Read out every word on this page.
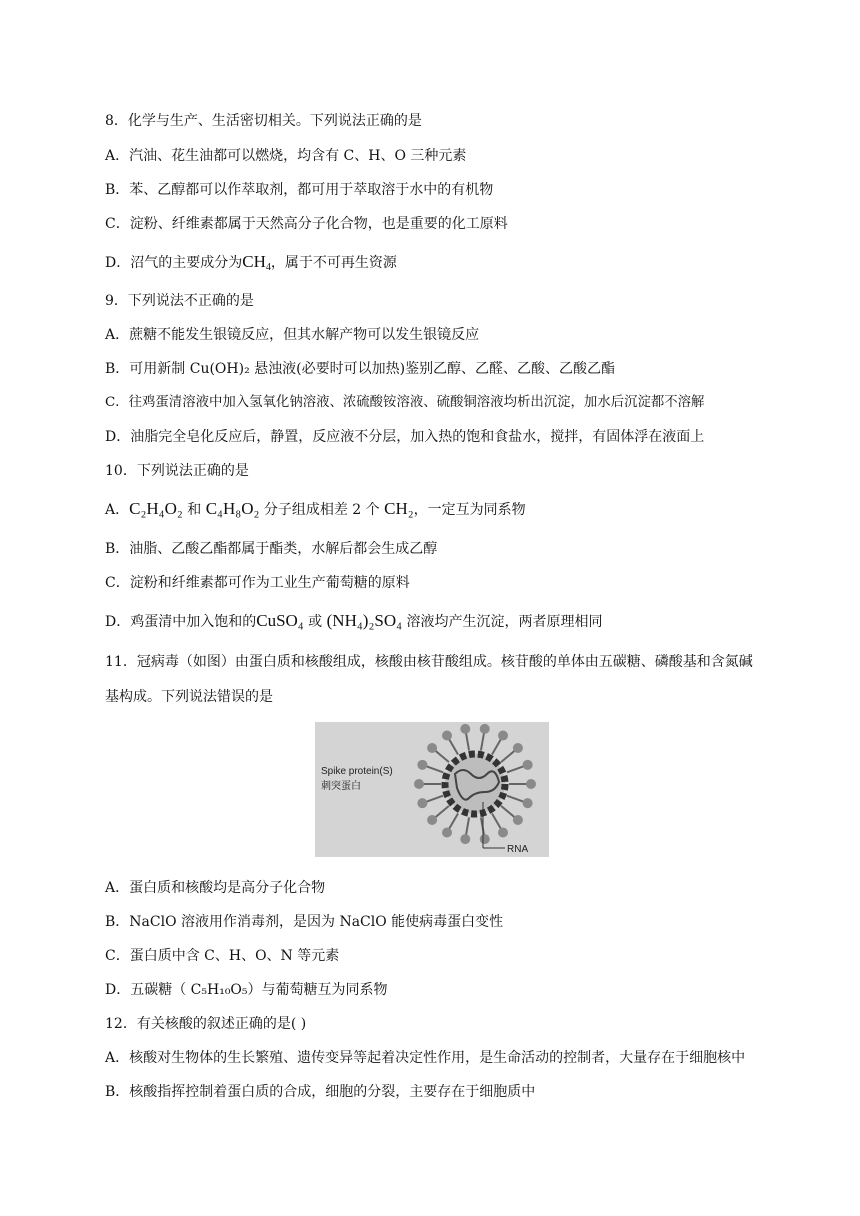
8．化学与生产、生活密切相关。下列说法正确的是
A．汽油、花生油都可以燃烧，均含有 C、H、O 三种元素
B．苯、乙醇都可以作萃取剂，都可用于萃取溶于水中的有机物
C．淀粉、纤维素都属于天然高分子化合物，也是重要的化工原料
D．沼气的主要成分为$CH_4$，属于不可再生资源
9．下列说法不正确的是
A．蔗糖不能发生银镜反应，但其水解产物可以发生银镜反应
B．可用新制 Cu(OH)₂ 悬浊液(必要时可以加热)鉴别乙醇、乙醛、乙酸、乙酸乙酯
C．往鸡蛋清溶液中加入氢氧化钠溶液、浓硫酸铵溶液、硫酸铜溶液均析出沉淀，加水后沉淀都不溶解
D．油脂完全皂化反应后，静置，反应液不分层，加入热的饱和食盐水，搅拌，有固体浮在液面上
10．下列说法正确的是
A．C₂H₄O₂ 和 C₄H₈O₂ 分子组成相差 2 个 CH₂，一定互为同系物
B．油脂、乙酸乙酯都属于酯类，水解后都会生成乙醇
C．淀粉和纤维素都可作为工业生产葡萄糖的原料
D．鸡蛋清中加入饱和的CuSO₄ 或 (NH₄)₂SO₄ 溶液均产生沉淀，两者原理相同
11．冠病毒（如图）由蛋白质和核酸组成，核酸由核苷酸组成。核苷酸的单体由五碳糖、磷酸基和含氮碱
基构成。下列说法错误的是
Spike protein(S)
刺突蛋白
RNA
A．蛋白质和核酸均是高分子化合物
B．NaClO 溶液用作消毒剂，是因为 NaClO 能使病毒蛋白变性
C．蛋白质中含 C、H、O、N 等元素
D．五碳糖（ C₅H₁₀O₅）与葡萄糖互为同系物
12．有关核酸的叙述正确的是( )
A．核酸对生物体的生长繁殖、遗传变异等起着决定性作用，是生命活动的控制者，大量存在于细胞核中
B．核酸指挥控制着蛋白质的合成，细胞的分裂，主要存在于细胞质中
